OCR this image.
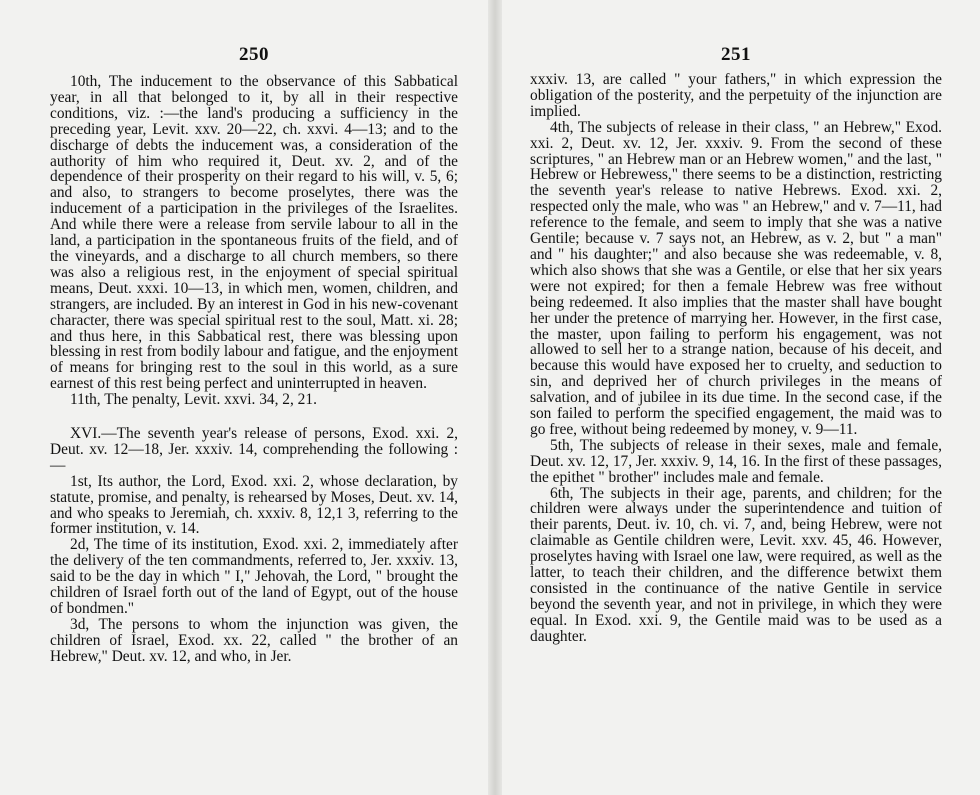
250

10th, The inducement to the observance of this Sabbatical year, in all that belonged to it, by all in their respective conditions, viz. :—the land's producing a sufficiency in the preceding year, Levit. xxv. 20—22, ch. xxvi. 4—13; and to the discharge of debts the inducement was, a consideration of the authority of him who required it, Deut. xv. 2, and of the dependence of their prosperity on their regard to his will, v. 5, 6; and also, to strangers to become proselytes, there was the inducement of a participation in the privileges of the Israelites. And while there were a release from servile labour to all in the land, a participation in the spontaneous fruits of the field, and of the vineyards, and a discharge to all church members, so there was also a religious rest, in the enjoyment of special spiritual means, Deut. xxxi. 10—13, in which men, women, children, and strangers, are included. By an interest in God in his new-covenant character, there was special spiritual rest to the soul, Matt. xi. 28; and thus here, in this Sabbatical rest, there was blessing upon blessing in rest from bodily labour and fatigue, and the enjoyment of means for bringing rest to the soul in this world, as a sure earnest of this rest being perfect and uninterrupted in heaven.

11th, The penalty, Levit. xxvi. 34, 2, 21.

XVI.—The seventh year's release of persons, Exod. xxi. 2, Deut. xv. 12—18, Jer. xxxiv. 14, comprehending the following :—

1st, Its author, the Lord, Exod. xxi. 2, whose declaration, by statute, promise, and penalty, is rehearsed by Moses, Deut. xv. 14, and who speaks to Jeremiah, ch. xxxiv. 8, 12,1 3, referring to the former institution, v. 14.

2d, The time of its institution, Exod. xxi. 2, immediately after the delivery of the ten commandments, referred to, Jer. xxxiv. 13, said to be the day in which " I," Jehovah, the Lord, " brought the children of Israel forth out of the land of Egypt, out of the house of bondmen."

3d, The persons to whom the injunction was given, the children of Israel, Exod. xx. 22, called " the brother of an Hebrew," Deut. xv. 12, and who, in Jer.

251

xxxiv. 13, are called " your fathers," in which expression the obligation of the posterity, and the perpetuity of the injunction are implied.

4th, The subjects of release in their class, " an Hebrew," Exod. xxi. 2, Deut. xv. 12, Jer. xxxiv. 9. From the second of these scriptures, " an Hebrew man or an Hebrew women," and the last, " Hebrew or Hebrewess," there seems to be a distinction, restricting the seventh year's release to native Hebrews. Exod. xxi. 2, respected only the male, who was " an Hebrew," and v. 7—11, had reference to the female, and seem to imply that she was a native Gentile; because v. 7 says not, an Hebrew, as v. 2, but " a man" and " his daughter;" and also because she was redeemable, v. 8, which also shows that she was a Gentile, or else that her six years were not expired; for then a female Hebrew was free without being redeemed. It also implies that the master shall have bought her under the pretence of marrying her. However, in the first case, the master, upon failing to perform his engagement, was not allowed to sell her to a strange nation, because of his deceit, and because this would have exposed her to cruelty, and seduction to sin, and deprived her of church privileges in the means of salvation, and of jubilee in its due time. In the second case, if the son failed to perform the specified engagement, the maid was to go free, without being redeemed by money, v. 9—11.

5th, The subjects of release in their sexes, male and female, Deut. xv. 12, 17, Jer. xxxiv. 9, 14, 16. In the first of these passages, the epithet " brother" includes male and female.

6th, The subjects in their age, parents, and children; for the children were always under the superintendence and tuition of their parents, Deut. iv. 10, ch. vi. 7, and, being Hebrew, were not claimable as Gentile children were, Levit. xxv. 45, 46. However, proselytes having with Israel one law, were required, as well as the latter, to teach their children, and the difference betwixt them consisted in the continuance of the native Gentile in service beyond the seventh year, and not in privilege, in which they were equal. In Exod. xxi. 9, the Gentile maid was to be used as a daughter.
